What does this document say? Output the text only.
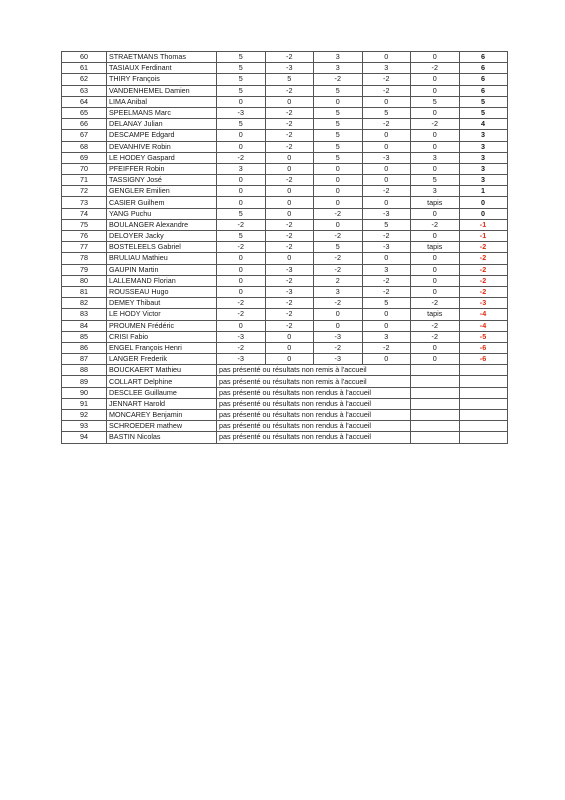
60	STRAETMANS Thomas	5	-2	3	0	0	6
61	TASIAUX Ferdinant	5	-3	3	3	-2	6
62	THIRY François	5	5	-2	-2	0	6
63	VANDENHEMEL Damien	5	-2	5	-2	0	6
64	LIMA Anibal	0	0	0	0	5	5
65	SPEELMANS Marc	-3	-2	5	5	0	5
66	DELANAY Julian	5	-2	5	-2	-2	4
67	DESCAMPE Edgard	0	-2	5	0	0	3
68	DEVANHIVE Robin	0	-2	5	0	0	3
69	LE HODEY Gaspard	-2	0	5	-3	3	3
70	PFEIFFER Robin	3	0	0	0	0	3
71	TASSIGNY José	0	-2	0	0	5	3
72	GENGLER Emilien	0	0	0	-2	3	1
73	CASIER Guilhem	0	0	0	0	tapis	0
74	YANG Puchu	5	0	-2	-3	0	0
75	BOULANGER Alexandre	-2	-2	0	5	-2	-1
76	DELOYER Jacky	5	-2	-2	-2	0	-1
77	BOSTELEELS Gabriel	-2	-2	5	-3	tapis	-2
78	BRULIAU Mathieu	0	0	-2	0	0	-2
79	GAUPIN Martin	0	-3	-2	3	0	-2
80	LALLEMAND Florian	0	-2	2	-2	0	-2
81	ROUSSEAU Hugo	0	-3	3	-2	0	-2
82	DEMEY Thibaut	-2	-2	-2	5	-2	-3
83	LE HODY Victor	-2	-2	0	0	tapis	-4
84	PROUMEN Frédéric	0	-2	0	0	-2	-4
85	CRISI Fabio	-3	0	-3	3	-2	-5
86	ENGEL François Henri	-2	0	-2	-2	0	-6
87	LANGER Frederik	-3	0	-3	0	0	-6
88	BOUCKAERT Mathieu	pas présenté ou résultats non remis à l'accueil					
89	COLLART Delphine	pas présenté ou résultats non remis à l'accueil					
90	DESCLEE Guillaume	pas présenté ou résultats non rendus à l'accueil					
91	JENNART Harold	pas présenté ou résultats non rendus à l'accueil					
92	MONCAREY Benjamin	pas présenté ou résultats non rendus à l'accueil					
93	SCHROEDER mathew	pas présenté ou résultats non rendus à l'accueil					
94	BASTIN Nicolas	pas présenté ou résultats non rendus à l'accueil					
